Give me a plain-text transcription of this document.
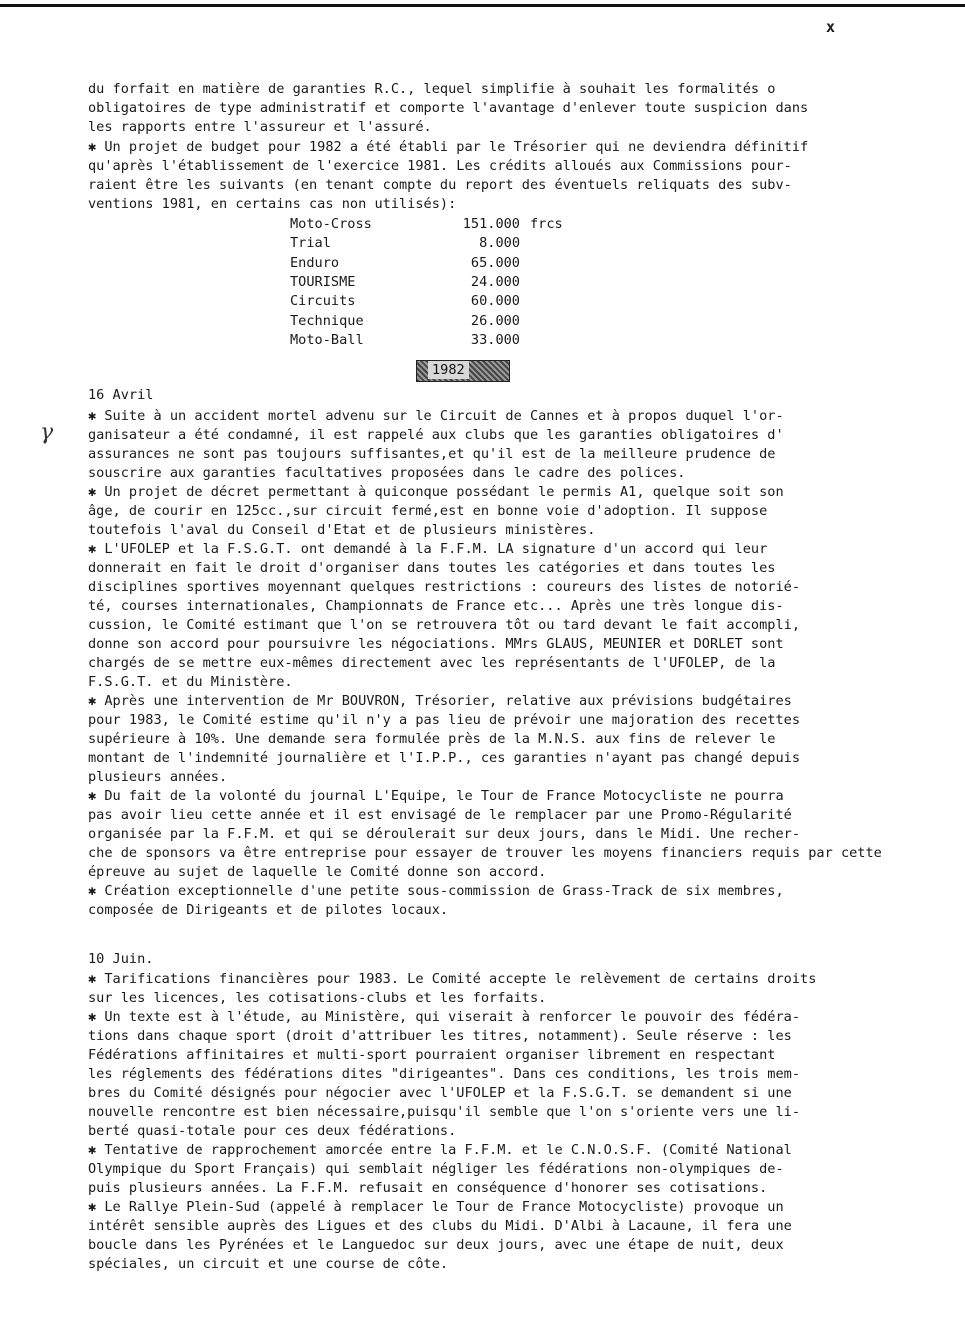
x
γ
du forfait en matière de garanties R.C., lequel simplifie à souhait les formalités o
obligatoires de type administratif et comporte l'avantage d'enlever toute suspicion dans
les rapports entre l'assureur et l'assuré.
✱ Un projet de budget pour 1982 a été établi par le Trésorier qui ne deviendra définitif
qu'après l'établissement de l'exercice 1981. Les crédits alloués aux Commissions pour-
raient être les suivants (en tenant compte du report des éventuels reliquats des subv-
ventions 1981, en certains cas non utilisés):
Moto-Cross	151.000 frcs
Trial	8.000
Enduro	65.000
TOURISME	24.000
Circuits	60.000
Technique	26.000
Moto-Ball	33.000
1982
16 Avril
✱ Suite à un accident mortel advenu sur le Circuit de Cannes et à propos duquel l'or-
ganisateur a été condamné, il est rappelé aux clubs que les garanties obligatoires d'
assurances ne sont pas toujours suffisantes,et qu'il est de la meilleure prudence de
souscrire aux garanties facultatives proposées dans le cadre des polices.
✱ Un projet de décret permettant à quiconque possédant le permis A1, quelque soit son
âge, de courir en 125cc.,sur circuit fermé,est en bonne voie d'adoption. Il suppose
toutefois l'aval du Conseil d'Etat et de plusieurs ministères.
✱ L'UFOLEP et la F.S.G.T. ont demandé à la F.F.M. LA signature d'un accord qui leur
donnerait en fait le droit d'organiser dans toutes les catégories et dans toutes les
disciplines sportives moyennant quelques restrictions : coureurs des listes de notorié-
té, courses internationales, Championnats de France etc... Après une très longue dis-
cussion, le Comité estimant que l'on se retrouvera tôt ou tard devant le fait accompli,
donne son accord pour poursuivre les négociations. MMrs GLAUS, MEUNIER et DORLET sont
chargés de se mettre eux-mêmes directement avec les représentants de l'UFOLEP, de la
F.S.G.T. et du Ministère.
✱ Après une intervention de Mr BOUVRON, Trésorier, relative aux prévisions budgétaires
pour 1983, le Comité estime qu'il n'y a pas lieu de prévoir une majoration des recettes
supérieure à 10%. Une demande sera formulée près de la M.N.S. aux fins de relever le
montant de l'indemnité journalière et l'I.P.P., ces garanties n'ayant pas changé depuis
plusieurs années.
✱ Du fait de la volonté du journal L'Equipe, le Tour de France Motocycliste ne pourra
pas avoir lieu cette année et il est envisagé de le remplacer par une Promo-Régularité
organisée par la F.F.M. et qui se déroulerait sur deux jours, dans le Midi. Une recher-
che de sponsors va être entreprise pour essayer de trouver les moyens financiers requis par cette
épreuve au sujet de laquelle le Comité donne son accord.
✱ Création exceptionnelle d'une petite sous-commission de Grass-Track de six membres,
composée de Dirigeants et de pilotes locaux.
10 Juin.
✱ Tarifications financières pour 1983. Le Comité accepte le relèvement de certains droits
sur les licences, les cotisations-clubs et les forfaits.
✱ Un texte est à l'étude, au Ministère, qui viserait à renforcer le pouvoir des fédéra-
tions dans chaque sport (droit d'attribuer les titres, notamment). Seule réserve : les
Fédérations affinitaires et multi-sport pourraient organiser librement en respectant
les réglements des fédérations dites "dirigeantes". Dans ces conditions, les trois mem-
bres du Comité désignés pour négocier avec l'UFOLEP et la F.S.G.T. se demandent si une
nouvelle rencontre est bien nécessaire,puisqu'il semble que l'on s'oriente vers une li-
berté quasi-totale pour ces deux fédérations.
✱ Tentative de rapprochement amorcée entre la F.F.M. et le C.N.O.S.F. (Comité National
Olympique du Sport Français) qui semblait négliger les fédérations non-olympiques de-
puis plusieurs années. La F.F.M. refusait en conséquence d'honorer ses cotisations.
✱ Le Rallye Plein-Sud (appelé à remplacer le Tour de France Motocycliste) provoque un
intérêt sensible auprès des Ligues et des clubs du Midi. D'Albi à Lacaune, il fera une
boucle dans les Pyrénées et le Languedoc sur deux jours, avec une étape de nuit, deux
spéciales, un circuit et une course de côte.
